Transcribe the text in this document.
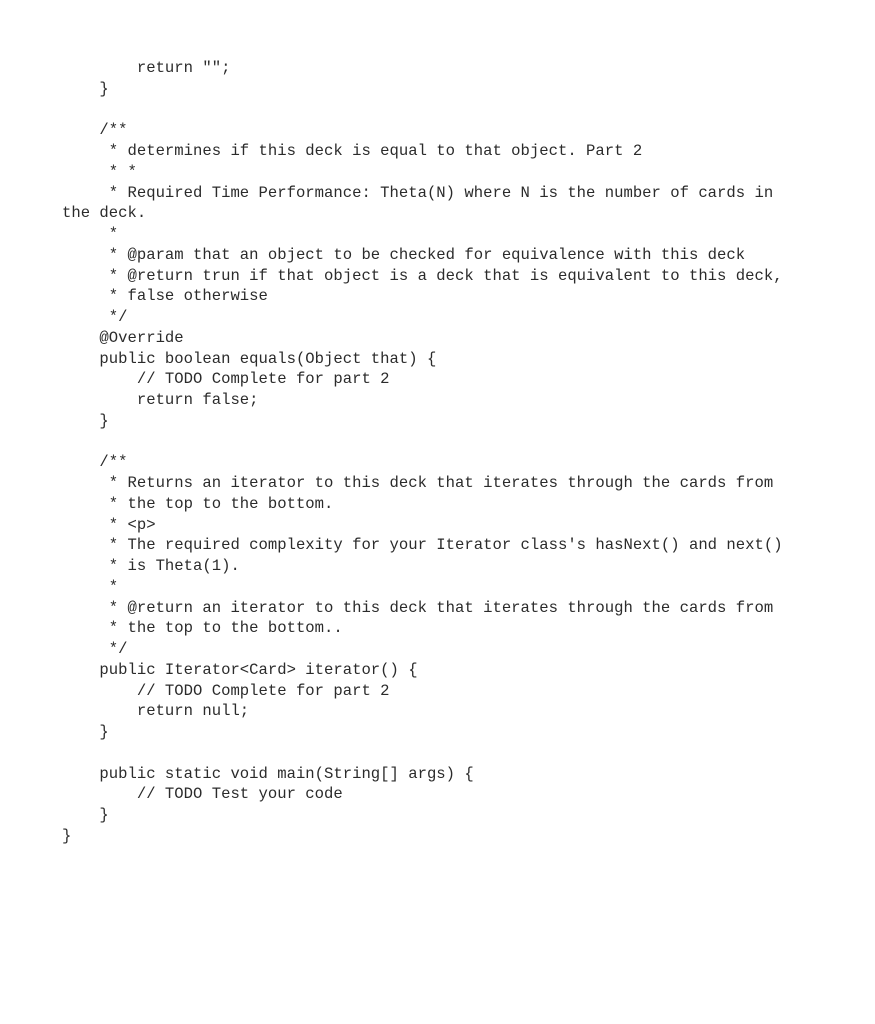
return "";
}
/**
* determines if this deck is equal to that object. Part 2
* *
* Required Time Performance: Theta(N) where N is the number of cards in
the deck.
*
* @param that an object to be checked for equivalence with this deck
* @return trun if that object is a deck that is equivalent to this deck,
* false otherwise
*/
@Override
public boolean equals(Object that) {
// TODO Complete for part 2
return false;
}
/**
* Returns an iterator to this deck that iterates through the cards from
* the top to the bottom.
* <p>
* The required complexity for your Iterator class's hasNext() and next()
* is Theta(1).
*
* @return an iterator to this deck that iterates through the cards from
* the top to the bottom..
*/
public Iterator<Card> iterator() {
// TODO Complete for part 2
return null;
}
public static void main(String[] args) {
// TODO Test your code
}
}
